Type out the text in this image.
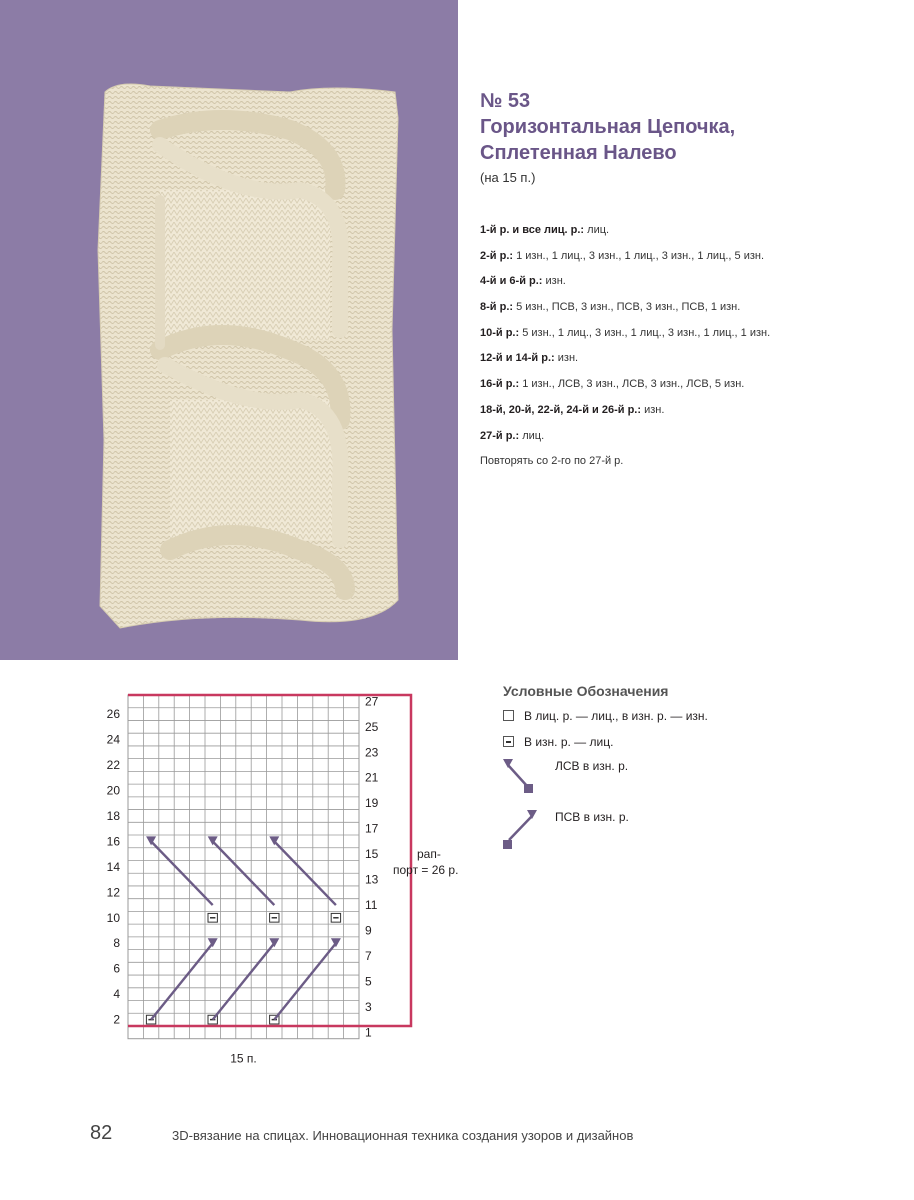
№ 53
Горизонтальная Цепочка,
Сплетенная Налево
(на 15 п.)
1-й р. и все лиц. р.: лиц.
2-й р.: 1 изн., 1 лиц., 3 изн., 1 лиц., 3 изн., 1 лиц., 5 изн.
4-й и 6-й р.: изн.
8-й р.: 5 изн., ПСВ, 3 изн., ПСВ, 3 изн., ПСВ, 1 изн.
10-й р.: 5 изн., 1 лиц., 3 изн., 1 лиц., 3 изн., 1 лиц., 1 изн.
12-й и 14-й р.: изн.
16-й р.: 1 изн., ЛСВ, 3 изн., ЛСВ, 3 изн., ЛСВ, 5 изн.
18-й, 20-й, 22-й, 24-й и 26-й р.: изн.
27-й р.: лиц.
Повторять со 2-го по 27-й р.
Условные Обозначения
В лиц. р. — лиц., в изн. р. — изн.
В изн. р. — лиц.
ЛСВ в изн. р.
ПСВ в изн. р.
26
24
22
20
18
16
14
12
10
8
6
4
2
27
25
23
21
19
17
15
13
11
9
7
5
3
1
15 п.
рап-
порт = 26 р.
82	3D-вязание на спицах. Инновационная техника создания узоров и дизайнов
